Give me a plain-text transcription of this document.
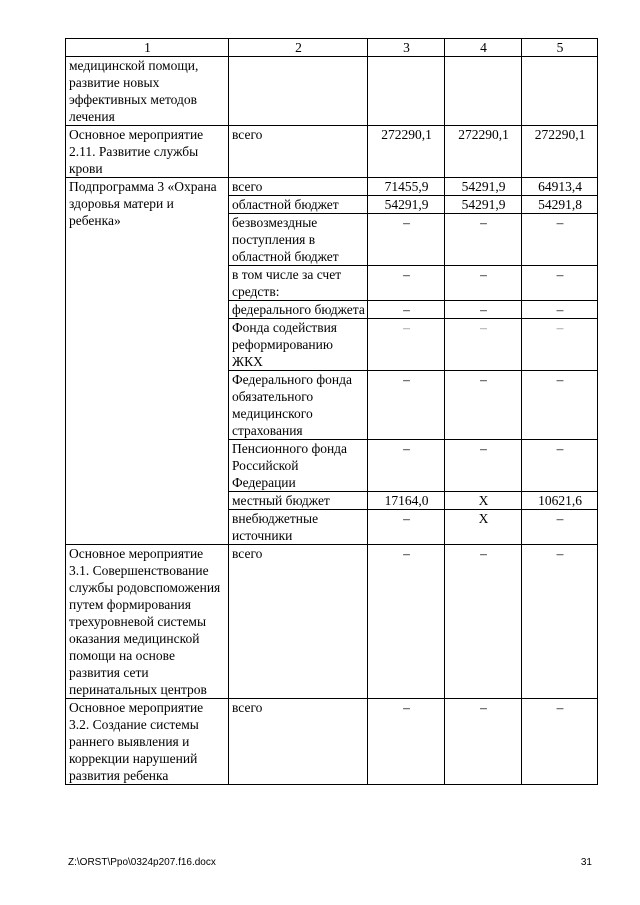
1	2	3	4	5
медицинской помощи, развитие новых эффективных методов лечения				
Основное мероприятие 2.11. Развитие службы крови	всего	272290,1	272290,1	272290,1
Подпрограмма 3 «Охрана здоровья матери и ребенка»	всего	71455,9	54291,9	64913,4
	областной бюджет	54291,9	54291,9	54291,8
	безвозмездные поступления в областной бюджет	–	–	–
	в том числе за счет средств:	–	–	–
	федерального бюджета	–	–	–
	Фонда содействия реформированию ЖКХ	–	–	–
	Федерального фонда обязательного медицинского страхования	–	–	–
	Пенсионного фонда Российской Федерации	–	–	–
	местный бюджет	17164,0	Х	10621,6
	внебюджетные источники	–	Х	–
Основное мероприятие 3.1. Совершенствование службы родовспоможения путем формирования трехуровневой системы оказания медицинской помощи на основе развития сети перинатальных центров	всего	–	–	–
Основное мероприятие 3.2. Создание системы раннего выявления и коррекции нарушений развития ребенка	всего	–	–	–
Z:\ORST\Ppo\0324p207.f16.docx	31
